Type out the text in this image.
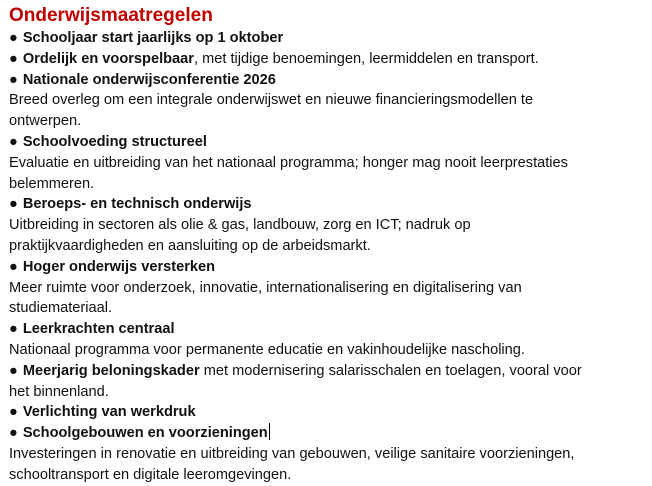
Onderwijsmaatregelen
● Schooljaar start jaarlijks op 1 oktober
● Ordelijk en voorspelbaar, met tijdige benoemingen, leermiddelen en transport.
● Nationale onderwijsconferentie 2026
Breed overleg om een integrale onderwijswet en nieuwe financieringsmodellen te
ontwerpen.
● Schoolvoeding structureel
Evaluatie en uitbreiding van het nationaal programma; honger mag nooit leerprestaties
belemmeren.
● Beroeps- en technisch onderwijs
Uitbreiding in sectoren als olie & gas, landbouw, zorg en ICT; nadruk op
praktijkvaardigheden en aansluiting op de arbeidsmarkt.
● Hoger onderwijs versterken
Meer ruimte voor onderzoek, innovatie, internationalisering en digitalisering van
studiemateriaal.
● Leerkrachten centraal
Nationaal programma voor permanente educatie en vakinhoudelijke nascholing.
● Meerjarig beloningskader met modernisering salarisschalen en toelagen, vooral voor
het binnenland.
● Verlichting van werkdruk
● Schoolgebouwen en voorzieningen
Investeringen in renovatie en uitbreiding van gebouwen, veilige sanitaire voorzieningen,
schooltransport en digitale leeromgevingen.
